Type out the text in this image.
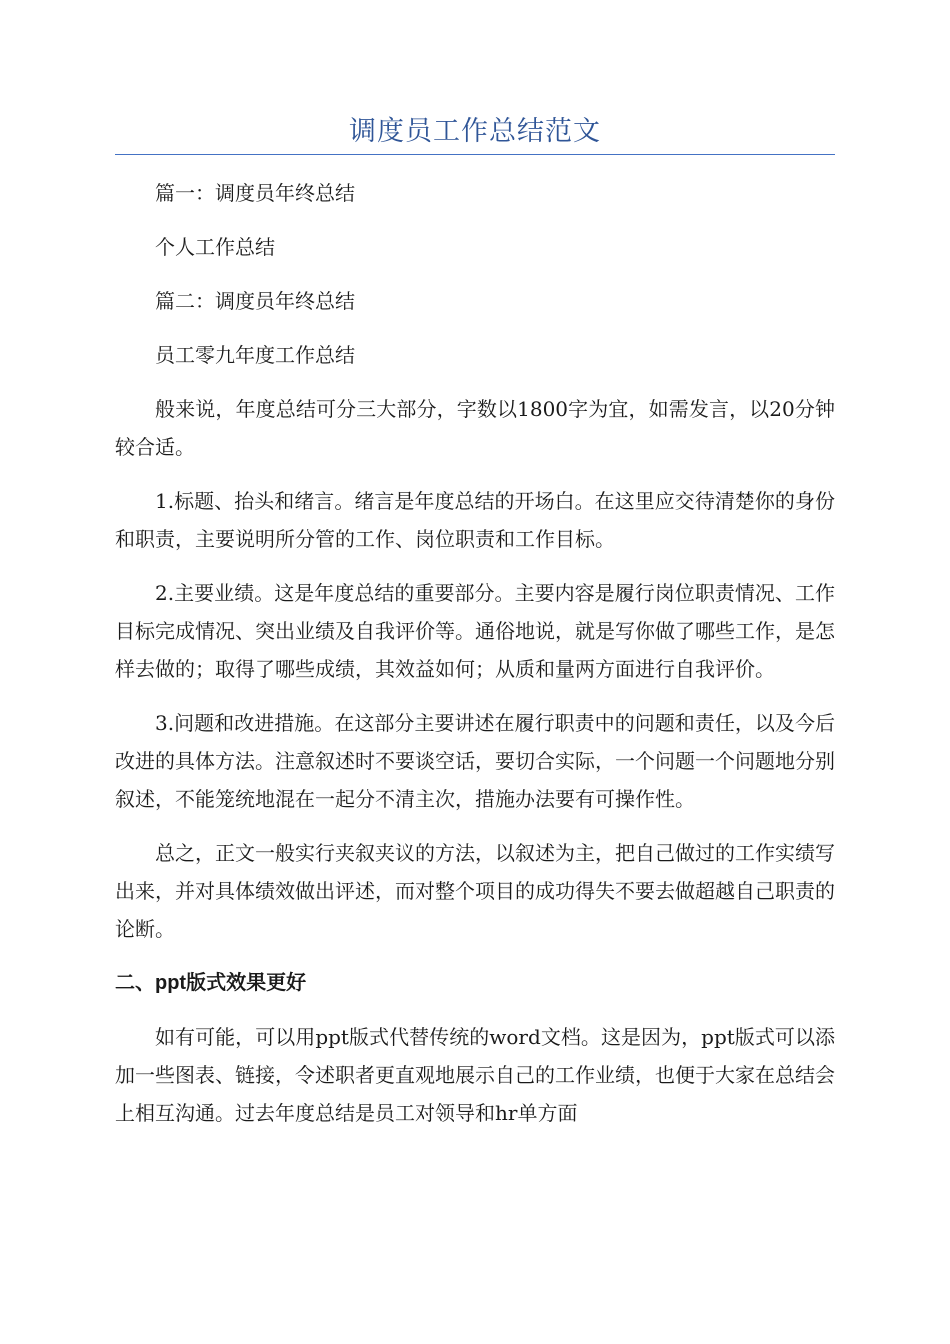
调度员工作总结范文

篇一：调度员年终总结

个人工作总结

篇二：调度员年终总结

员工零九年度工作总结

般来说，年度总结可分三大部分，字数以1800字为宜，如需发言，以20分钟较合适。

1.标题、抬头和绪言。绪言是年度总结的开场白。在这里应交待清楚你的身份和职责，主要说明所分管的工作、岗位职责和工作目标。

2.主要业绩。这是年度总结的重要部分。主要内容是履行岗位职责情况、工作目标完成情况、突出业绩及自我评价等。通俗地说，就是写你做了哪些工作，是怎样去做的；取得了哪些成绩，其效益如何；从质和量两方面进行自我评价。

3.问题和改进措施。在这部分主要讲述在履行职责中的问题和责任，以及今后改进的具体方法。注意叙述时不要谈空话，要切合实际，一个问题一个问题地分别叙述，不能笼统地混在一起分不清主次，措施办法要有可操作性。

总之，正文一般实行夹叙夹议的方法，以叙述为主，把自己做过的工作实绩写出来，并对具体绩效做出评述，而对整个项目的成功得失不要去做超越自己职责的论断。

二、ppt版式效果更好

如有可能，可以用ppt版式代替传统的word文档。这是因为，ppt版式可以添加一些图表、链接，令述职者更直观地展示自己的工作业绩，也便于大家在总结会上相互沟通。过去年度总结是员工对领导和hr单方面
